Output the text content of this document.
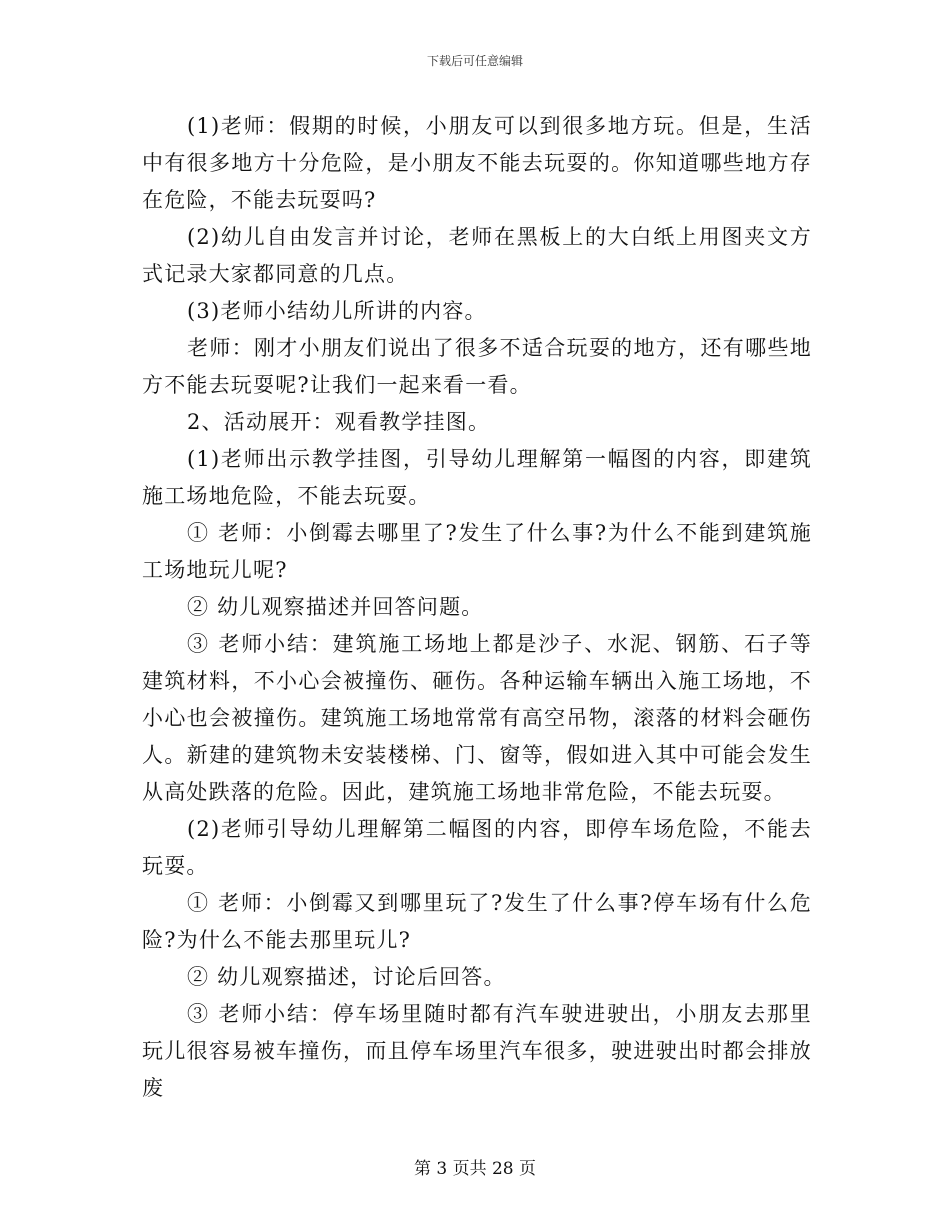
下载后可任意编辑

(1)老师：假期的时候，小朋友可以到很多地方玩。但是，生活中有很多地方十分危险，是小朋友不能去玩耍的。你知道哪些地方存在危险，不能去玩耍吗?

(2)幼儿自由发言并讨论，老师在黑板上的大白纸上用图夹文方式记录大家都同意的几点。

(3)老师小结幼儿所讲的内容。

老师：刚才小朋友们说出了很多不适合玩耍的地方，还有哪些地方不能去玩耍呢?让我们一起来看一看。

2、活动展开：观看教学挂图。

(1)老师出示教学挂图，引导幼儿理解第一幅图的内容，即建筑施工场地危险，不能去玩耍。

① 老师：小倒霉去哪里了?发生了什么事?为什么不能到建筑施工场地玩儿呢?

② 幼儿观察描述并回答问题。

③ 老师小结：建筑施工场地上都是沙子、水泥、钢筋、石子等建筑材料，不小心会被撞伤、砸伤。各种运输车辆出入施工场地，不小心也会被撞伤。建筑施工场地常常有高空吊物，滚落的材料会砸伤人。新建的建筑物未安装楼梯、门、窗等，假如进入其中可能会发生从高处跌落的危险。因此，建筑施工场地非常危险，不能去玩耍。

(2)老师引导幼儿理解第二幅图的内容，即停车场危险，不能去玩耍。

① 老师：小倒霉又到哪里玩了?发生了什么事?停车场有什么危险?为什么不能去那里玩儿?

② 幼儿观察描述，讨论后回答。

③ 老师小结：停车场里随时都有汽车驶进驶出，小朋友去那里玩儿很容易被车撞伤，而且停车场里汽车很多，驶进驶出时都会排放废

第 3 页共 28 页
